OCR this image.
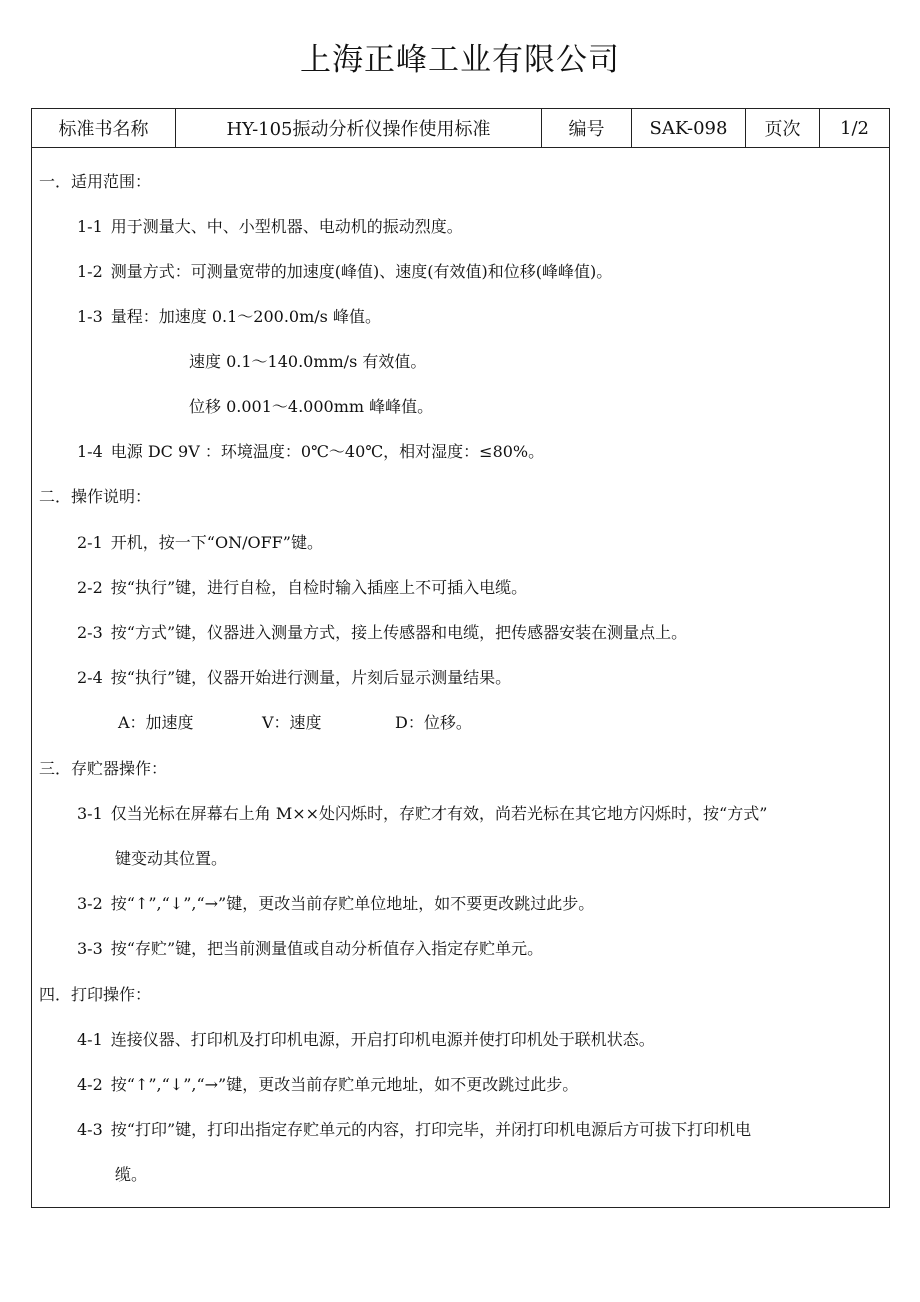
上海正峰工业有限公司
标准书名称	HY-105振动分析仪操作使用标准	编号	SAK-098	页次	1/2
一．适用范围：
1-1 用于测量大、中、小型机器、电动机的振动烈度。
1-2 测量方式：可测量宽带的加速度(峰值)、速度(有效值)和位移(峰峰值)。
1-3 量程：加速度 0.1～200.0m/s 峰值。
速度 0.1～140.0mm/s 有效值。
位移 0.001～4.000mm 峰峰值。
1-4 电源 DC 9V ：环境温度：0℃～40℃，相对湿度：≤80%。
二．操作说明：
2-1 开机，按一下“ON/OFF”键。
2-2 按“执行”键，进行自检，自检时输入插座上不可插入电缆。
2-3 按“方式”键，仪器进入测量方式，接上传感器和电缆，把传感器安装在测量点上。
2-4 按“执行”键，仪器开始进行测量，片刻后显示测量结果。
A：加速度	V：速度	D：位移。
三．存贮器操作：
3-1 仅当光标在屏幕右上角 M××处闪烁时，存贮才有效，尚若光标在其它地方闪烁时，按“方式”
键变动其位置。
3-2 按“↑”,“↓”,“→”键，更改当前存贮单位地址，如不要更改跳过此步。
3-3 按“存贮”键，把当前测量值或自动分析值存入指定存贮单元。
四．打印操作：
4-1 连接仪器、打印机及打印机电源，开启打印机电源并使打印机处于联机状态。
4-2 按“↑”,“↓”,“→”键，更改当前存贮单元地址，如不更改跳过此步。
4-3 按“打印”键，打印出指定存贮单元的内容，打印完毕，并闭打印机电源后方可拔下打印机电
缆。
